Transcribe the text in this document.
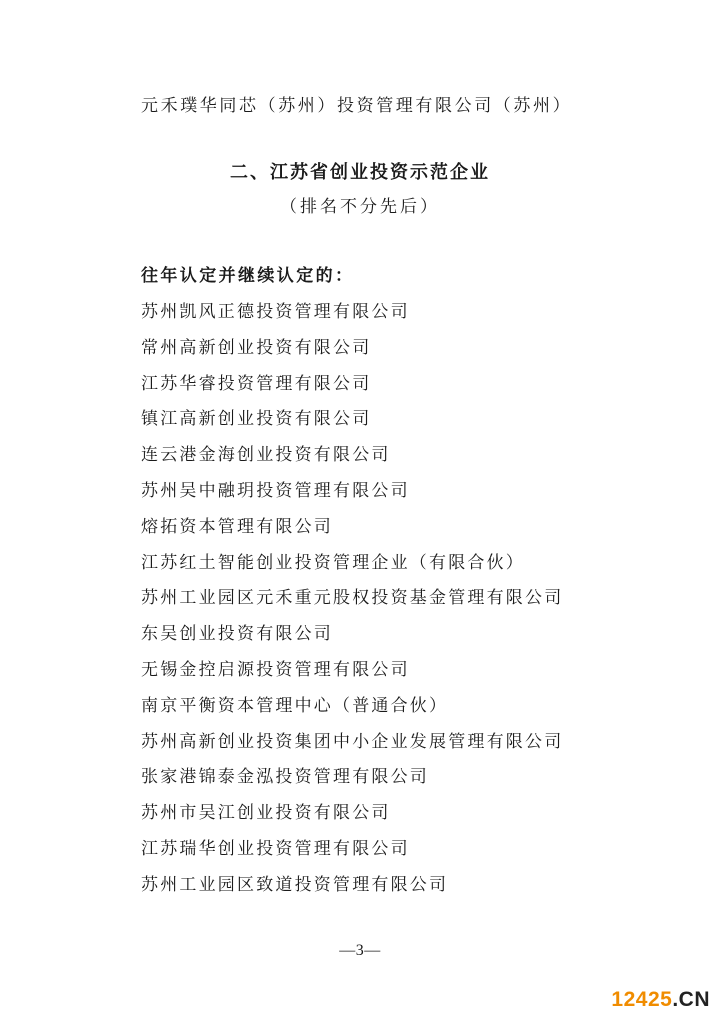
元禾璞华同芯（苏州）投资管理有限公司（苏州）
二、江苏省创业投资示范企业
（排名不分先后）
往年认定并继续认定的：
苏州凯风正德投资管理有限公司
常州高新创业投资有限公司
江苏华睿投资管理有限公司
镇江高新创业投资有限公司
连云港金海创业投资有限公司
苏州吴中融玥投资管理有限公司
熔拓资本管理有限公司
江苏红土智能创业投资管理企业（有限合伙）
苏州工业园区元禾重元股权投资基金管理有限公司
东吴创业投资有限公司
无锡金控启源投资管理有限公司
南京平衡资本管理中心（普通合伙）
苏州高新创业投资集团中小企业发展管理有限公司
张家港锦泰金泓投资管理有限公司
苏州市吴江创业投资有限公司
江苏瑞华创业投资管理有限公司
苏州工业园区致道投资管理有限公司
—3—
12425.CN
